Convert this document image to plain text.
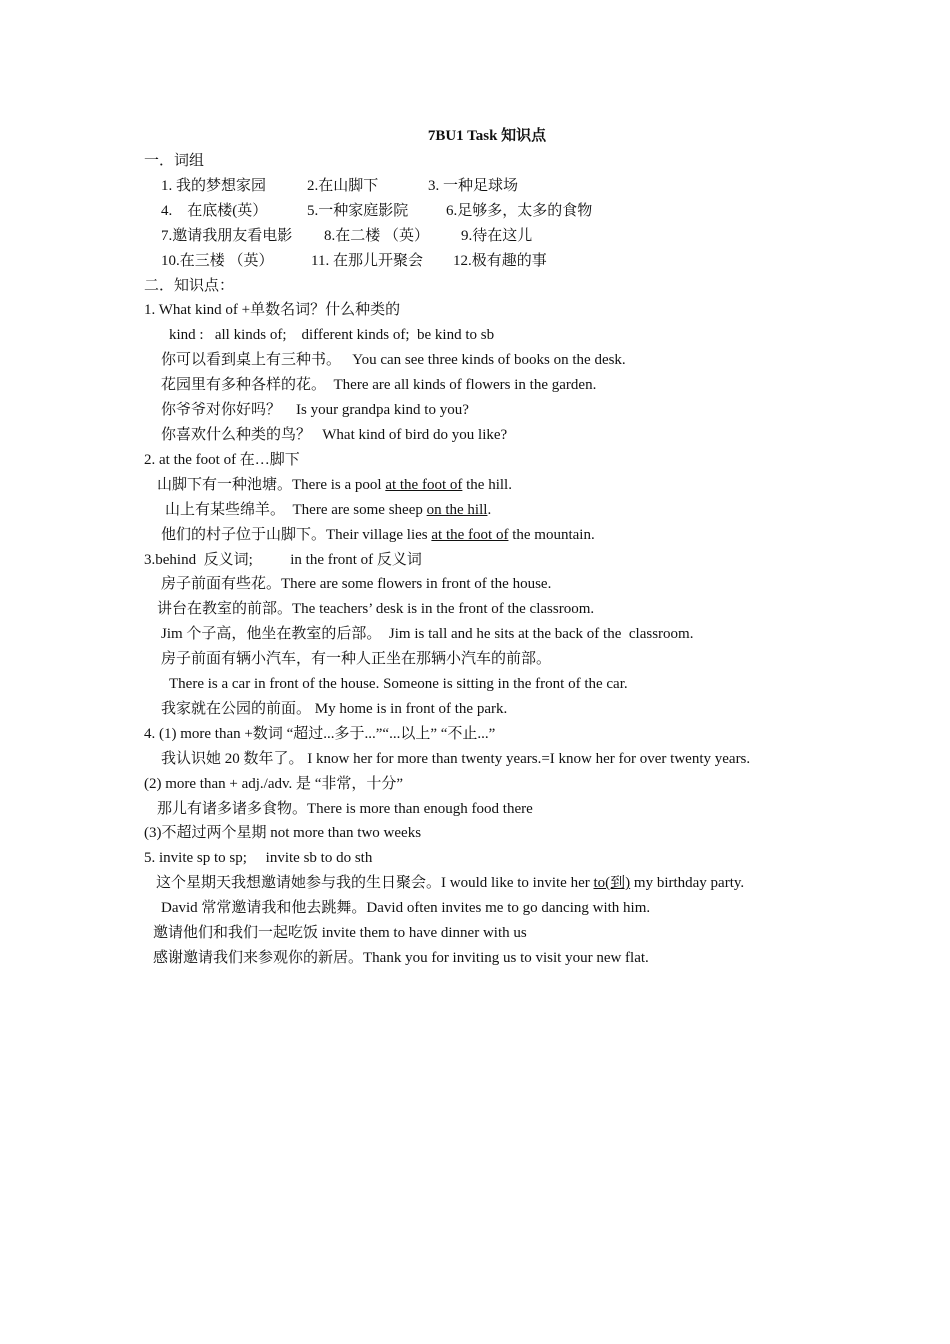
7BU1 Task 知识点
一．词组
1. 我的梦想家园	2.在山脚下	3. 一种足球场
4.　在底楼(英）	5.一种家庭影院	6.足够多，太多的食物
7.邀请我朋友看电影 8.在二楼 （英） 9.待在这儿
10.在三楼 （英） 11. 在那儿开聚会 12.极有趣的事
二．知识点：
1. What kind of +单数名词？什么种类的
kind :   all kinds of;    different kinds of;  be kind to sb
你可以看到桌上有三种书。   You can see three kinds of books on the desk.
花园里有多种各样的花。  There are all kinds of flowers in the garden.
你爷爷对你好吗？    Is your grandpa kind to you?
你喜欢什么种类的鸟？   What kind of bird do you like?
2. at the foot of 在…脚下
山脚下有一种池塘。There is a pool at the foot of the hill.
山上有某些绵羊。  There are some sheep on the hill.
他们的村子位于山脚下。Their village lies at the foot of the mountain.
3.behind  反义词;          in the front of 反义词
房子前面有些花。There are some flowers in front of the house.
讲台在教室的前部。The teachers’ desk is in the front of the classroom.
Jim 个子高，他坐在教室的后部。  Jim is tall and he sits at the back of the  classroom.
房子前面有辆小汽车，有一种人正坐在那辆小汽车的前部。
There is a car in front of the house. Someone is sitting in the front of the car.
我家就在公园的前面。 My home is in front of the park.
4. (1) more than +数词 “超过...多于...”“...以上” “不止...”
我认识她 20 数年了。 I know her for more than twenty years.=I know her for over twenty years.
(2) more than + adj./adv. 是 “非常，十分”
那儿有诸多诸多食物。There is more than enough food there
(3)不超过两个星期 not more than two weeks
5. invite sp to sp;     invite sb to do sth
这个星期天我想邀请她参与我的生日聚会。I would like to invite her to(到) my birthday party.
David 常常邀请我和他去跳舞。David often invites me to go dancing with him.
邀请他们和我们一起吃饭 invite them to have dinner with us
感谢邀请我们来参观你的新居。Thank you for inviting us to visit your new flat.
